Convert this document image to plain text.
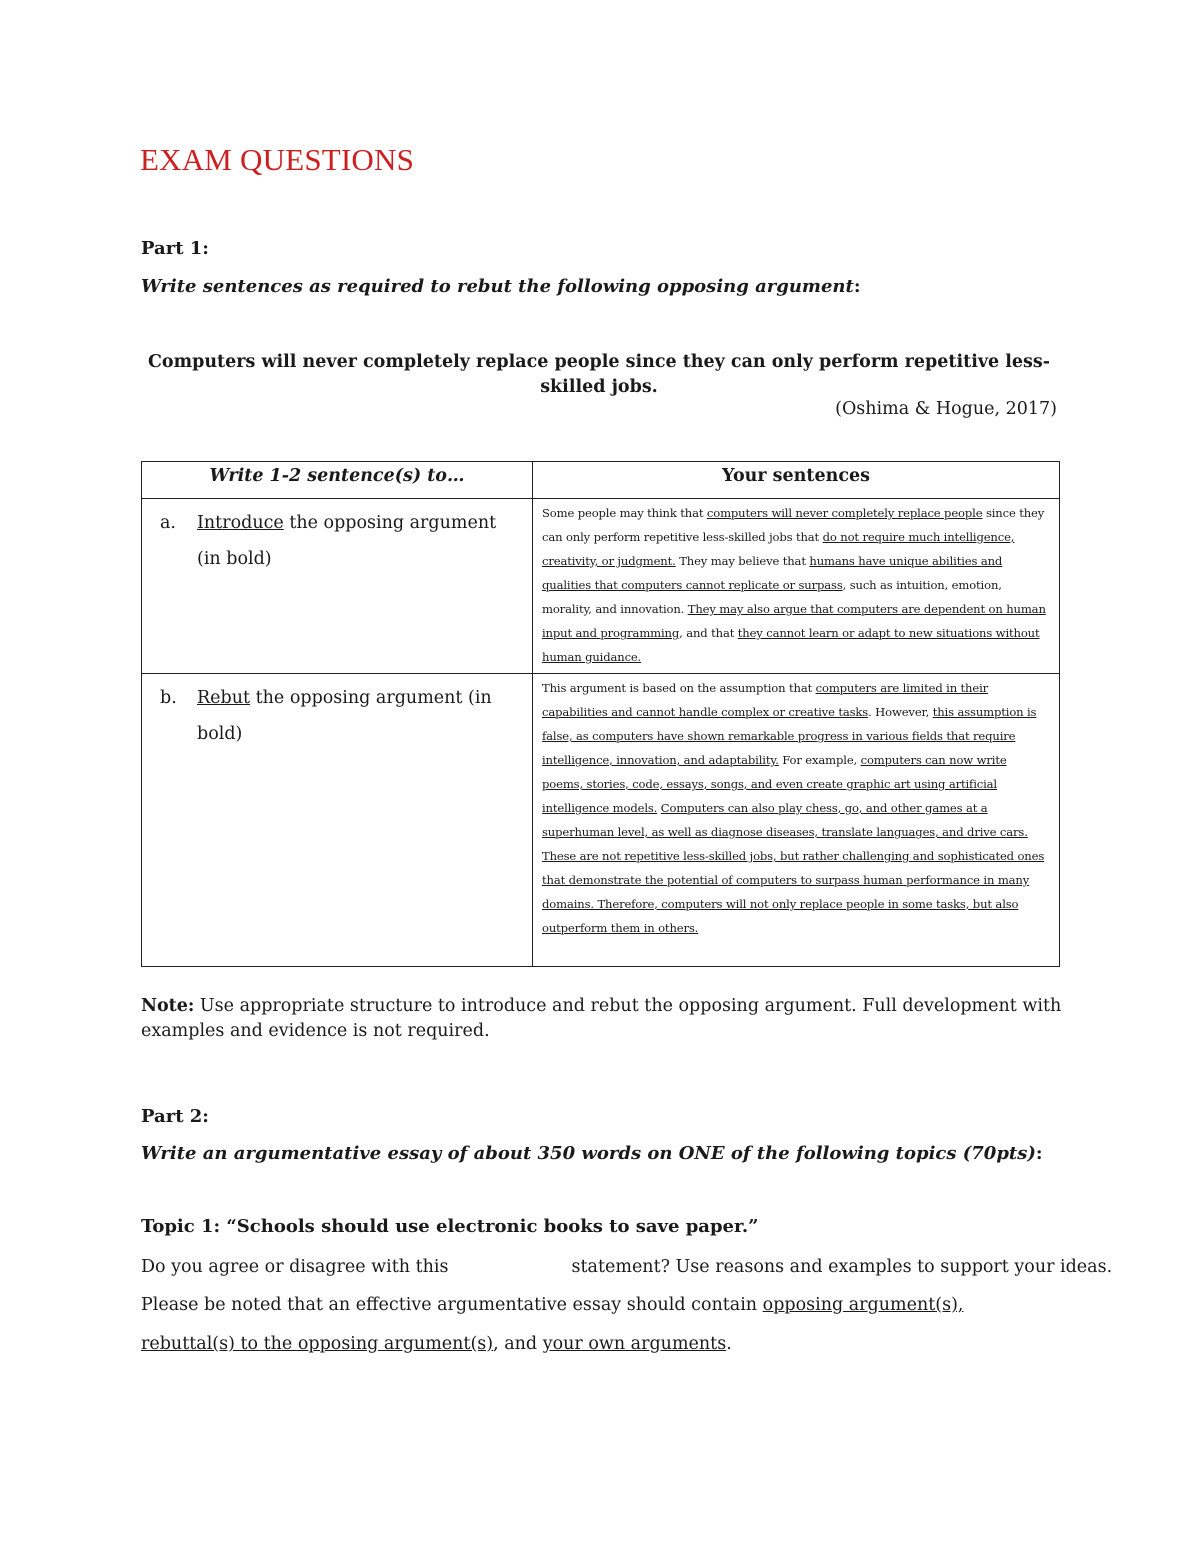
EXAM QUESTIONS

Part 1:

Write sentences as required to rebut the following opposing argument:

Computers will never completely replace people since they can only perform repetitive less-skilled jobs.

(Oshima & Hogue, 2017)

Write 1-2 sentence(s) to…	Your sentences
a. Introduce the opposing argument (in bold)	Some people may think that computers will never completely replace people since they can only perform repetitive less-skilled jobs that do not require much intelligence, creativity, or judgment. They may believe that humans have unique abilities and qualities that computers cannot replicate or surpass, such as intuition, emotion, morality, and innovation. They may also argue that computers are dependent on human input and programming, and that they cannot learn or adapt to new situations without human guidance.
b. Rebut the opposing argument (in bold)	This argument is based on the assumption that computers are limited in their capabilities and cannot handle complex or creative tasks. However, this assumption is false, as computers have shown remarkable progress in various fields that require intelligence, innovation, and adaptability. For example, computers can now write poems, stories, code, essays, songs, and even create graphic art using artificial intelligence models. Computers can also play chess, go, and other games at a superhuman level, as well as diagnose diseases, translate languages, and drive cars. These are not repetitive less-skilled jobs, but rather challenging and sophisticated ones that demonstrate the potential of computers to surpass human performance in many domains. Therefore, computers will not only replace people in some tasks, but also outperform them in others.

Note: Use appropriate structure to introduce and rebut the opposing argument. Full development with examples and evidence is not required.

Part 2:

Write an argumentative essay of about 350 words on ONE of the following topics (70pts):

Topic 1: “Schools should use electronic books to save paper.”

Do you agree or disagree with this	statement? Use reasons and examples to support your ideas.

Please be noted that an effective argumentative essay should contain opposing argument(s),

rebuttal(s) to the opposing argument(s), and your own arguments.
